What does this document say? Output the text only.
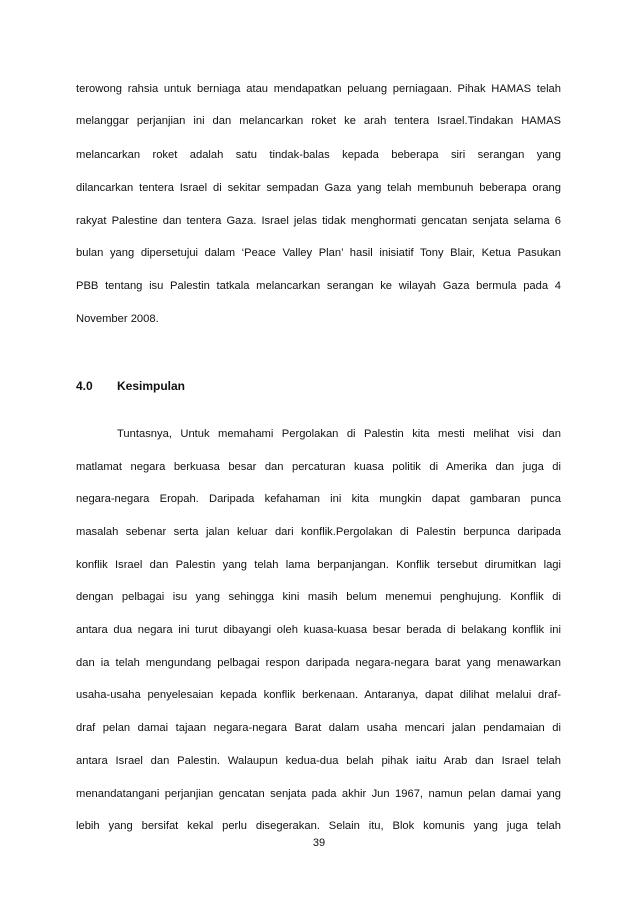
terowong rahsia untuk berniaga atau mendapatkan peluang perniagaan. Pihak HAMAS telah
melanggar perjanjian ini dan melancarkan roket ke arah tentera Israel.Tindakan HAMAS
melancarkan roket adalah satu tindak-balas kepada beberapa siri serangan yang
dilancarkan tentera Israel di sekitar sempadan Gaza yang telah membunuh beberapa orang
rakyat Palestine dan tentera Gaza. Israel jelas tidak menghormati gencatan senjata selama 6
bulan yang dipersetujui dalam ‘Peace Valley Plan’ hasil inisiatif Tony Blair, Ketua Pasukan
PBB tentang isu Palestin tatkala melancarkan serangan ke wilayah Gaza bermula pada 4
November 2008.
4.0 Kesimpulan
Tuntasnya, Untuk memahami Pergolakan di Palestin kita mesti melihat visi dan
matlamat negara berkuasa besar dan percaturan kuasa politik di Amerika dan juga di
negara-negara Eropah. Daripada kefahaman ini kita mungkin dapat gambaran punca
masalah sebenar serta jalan keluar dari konflik.Pergolakan di Palestin berpunca daripada
konflik Israel dan Palestin yang telah lama berpanjangan. Konflik tersebut dirumitkan lagi
dengan pelbagai isu yang sehingga kini masih belum menemui penghujung. Konflik di
antara dua negara ini turut dibayangi oleh kuasa-kuasa besar berada di belakang konflik ini
dan ia telah mengundang pelbagai respon daripada negara-negara barat yang menawarkan
usaha-usaha penyelesaian kepada konflik berkenaan. Antaranya, dapat dilihat melalui draf-
draf pelan damai tajaan negara-negara Barat dalam usaha mencari jalan pendamaian di
antara Israel dan Palestin. Walaupun kedua-dua belah pihak iaitu Arab dan Israel telah
menandatangani perjanjian gencatan senjata pada akhir Jun 1967, namun pelan damai yang
lebih yang bersifat kekal perlu disegerakan. Selain itu, Blok komunis yang juga telah
39
